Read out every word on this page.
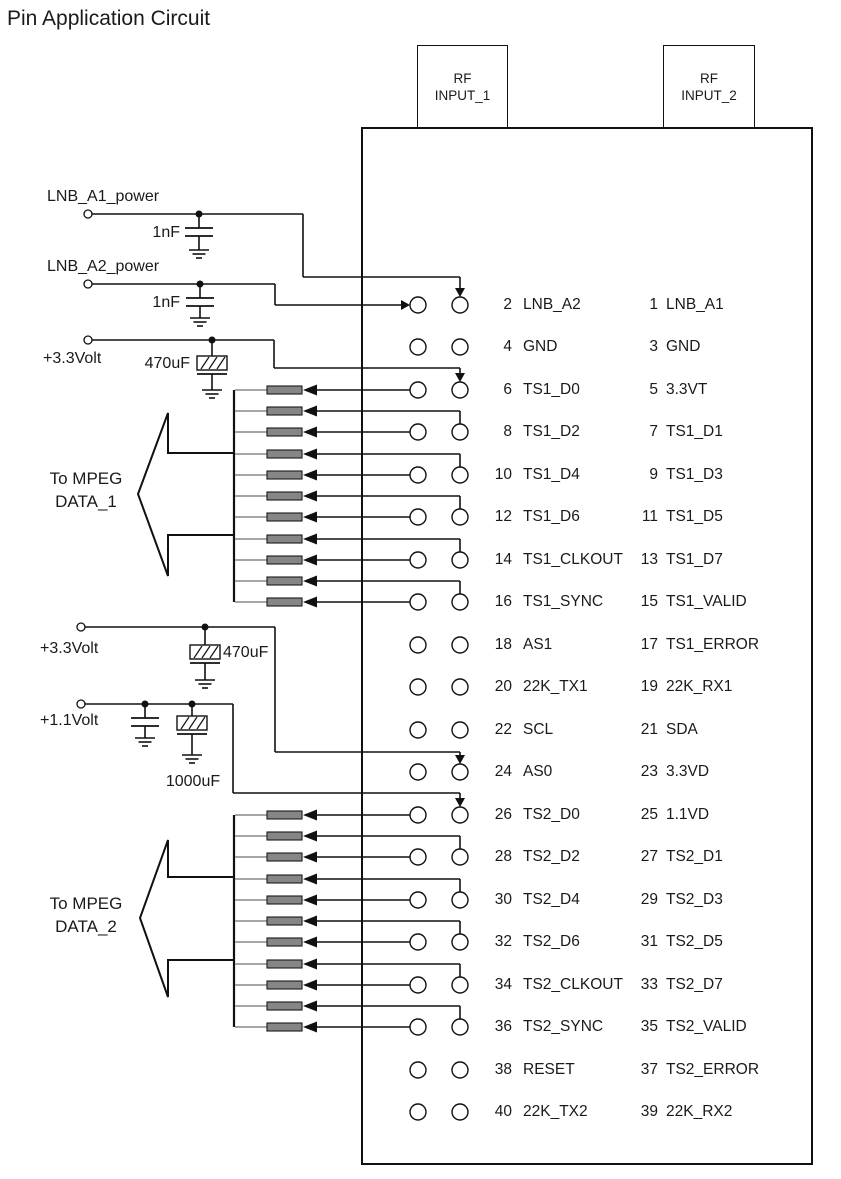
Pin Application Circuit
RF
INPUT_1
RF
INPUT_2
LNB_A1_power
LNB_A2_power
+3.3Volt
+3.3Volt
+1.1Volt
1nF
1nF
470uF
470uF
1000uF
To MPEG
DATA_1
To MPEG
DATA_2
2 LNB_A2	1 LNB_A1
4 GND	3 GND
6 TS1_D0	5 3.3VT
8 TS1_D2	7 TS1_D1
10 TS1_D4	9 TS1_D3
12 TS1_D6	11 TS1_D5
14 TS1_CLKOUT	13 TS1_D7
16 TS1_SYNC	15 TS1_VALID
18 AS1	17 TS1_ERROR
20 22K_TX1	19 22K_RX1
22 SCL	21 SDA
24 AS0	23 3.3VD
26 TS2_D0	25 1.1VD
28 TS2_D2	27 TS2_D1
30 TS2_D4	29 TS2_D3
32 TS2_D6	31 TS2_D5
34 TS2_CLKOUT	33 TS2_D7
36 TS2_SYNC	35 TS2_VALID
38 RESET	37 TS2_ERROR
40 22K_TX2	39 22K_RX2
